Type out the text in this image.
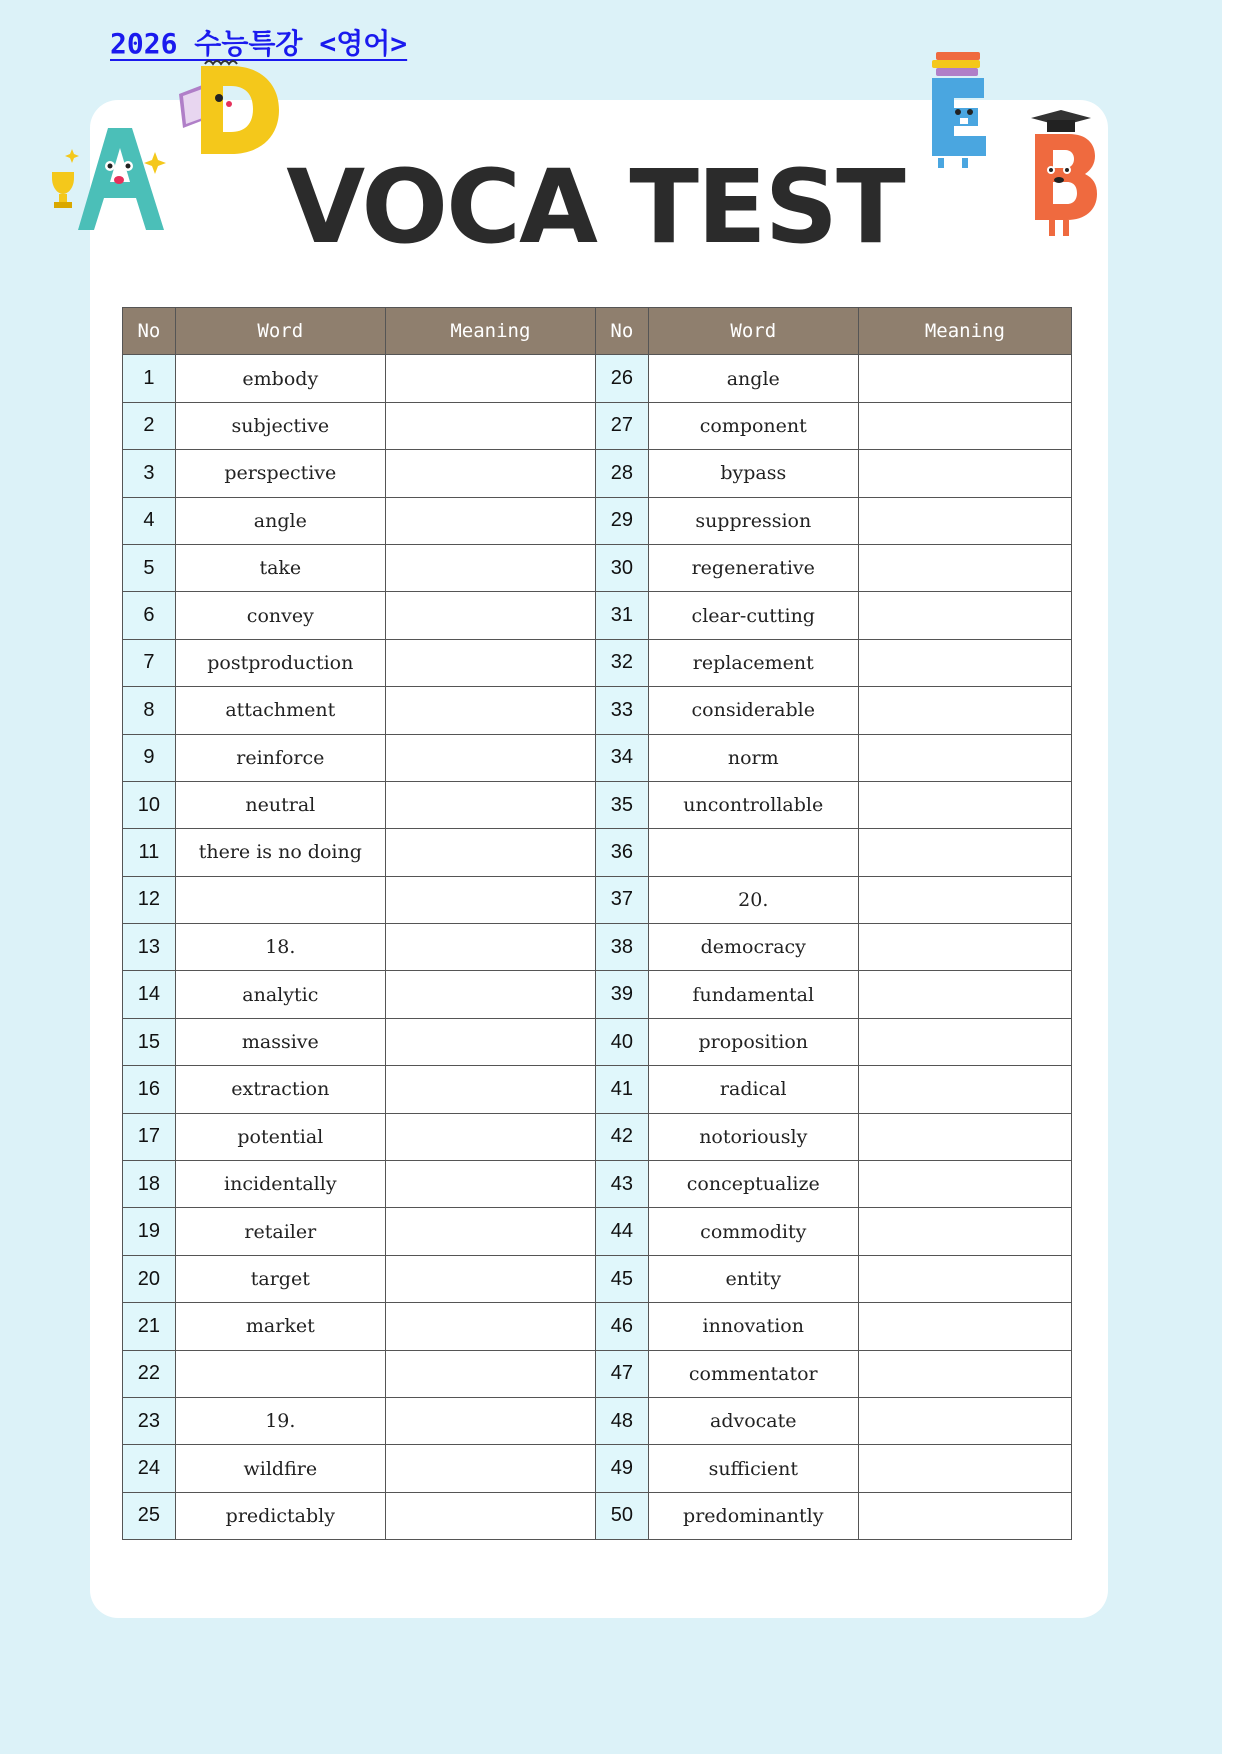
2026 수능특강 <영어>
VOCA TEST
No	Word	Meaning	No	Word	Meaning
1	embody		26	angle	
2	subjective		27	component	
3	perspective		28	bypass	
4	angle		29	suppression	
5	take		30	regenerative	
6	convey		31	clear-cutting	
7	postproduction		32	replacement	
8	attachment		33	considerable	
9	reinforce		34	norm	
10	neutral		35	uncontrollable	
11	there is no doing		36		
12			37	20.	
13	18.		38	democracy	
14	analytic		39	fundamental	
15	massive		40	proposition	
16	extraction		41	radical	
17	potential		42	notoriously	
18	incidentally		43	conceptualize	
19	retailer		44	commodity	
20	target		45	entity	
21	market		46	innovation	
22			47	commentator	
23	19.		48	advocate	
24	wildfire		49	sufficient	
25	predictably		50	predominantly	
